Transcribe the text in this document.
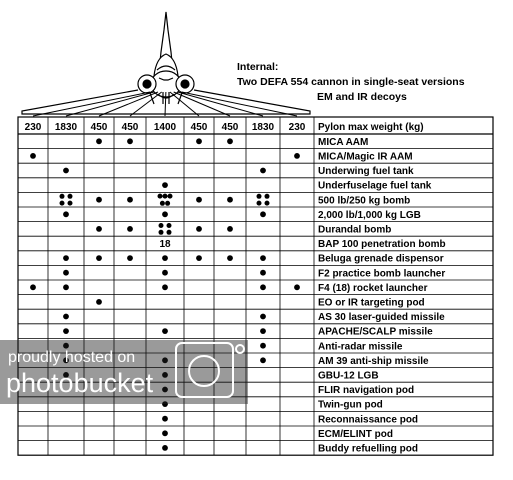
Internal:
Two DEFA 554 cannon in single-seat versions
EM and IR decoys
230 1830 450 450 1400 450 450 1830 230 Pylon max weight (kg)
MICA AAM
MICA/Magic IR AAM
Underwing fuel tank
Underfuselage fuel tank
500 lb/250 kg bomb
2,000 lb/1,000 kg LGB
Durandal bomb
BAP 100 penetration bomb
18
Beluga grenade dispensor
F2 practice bomb launcher
F4 (18) rocket launcher
EO or IR targeting pod
AS 30 laser-guided missile
APACHE/SCALP missile
Anti-radar missile
AM 39 anti-ship missile
GBU-12 LGB
FLIR navigation pod
Twin-gun pod
Reconnaissance pod
ECM/ELINT pod
Buddy refuelling pod
proudly hosted on
photobucket
